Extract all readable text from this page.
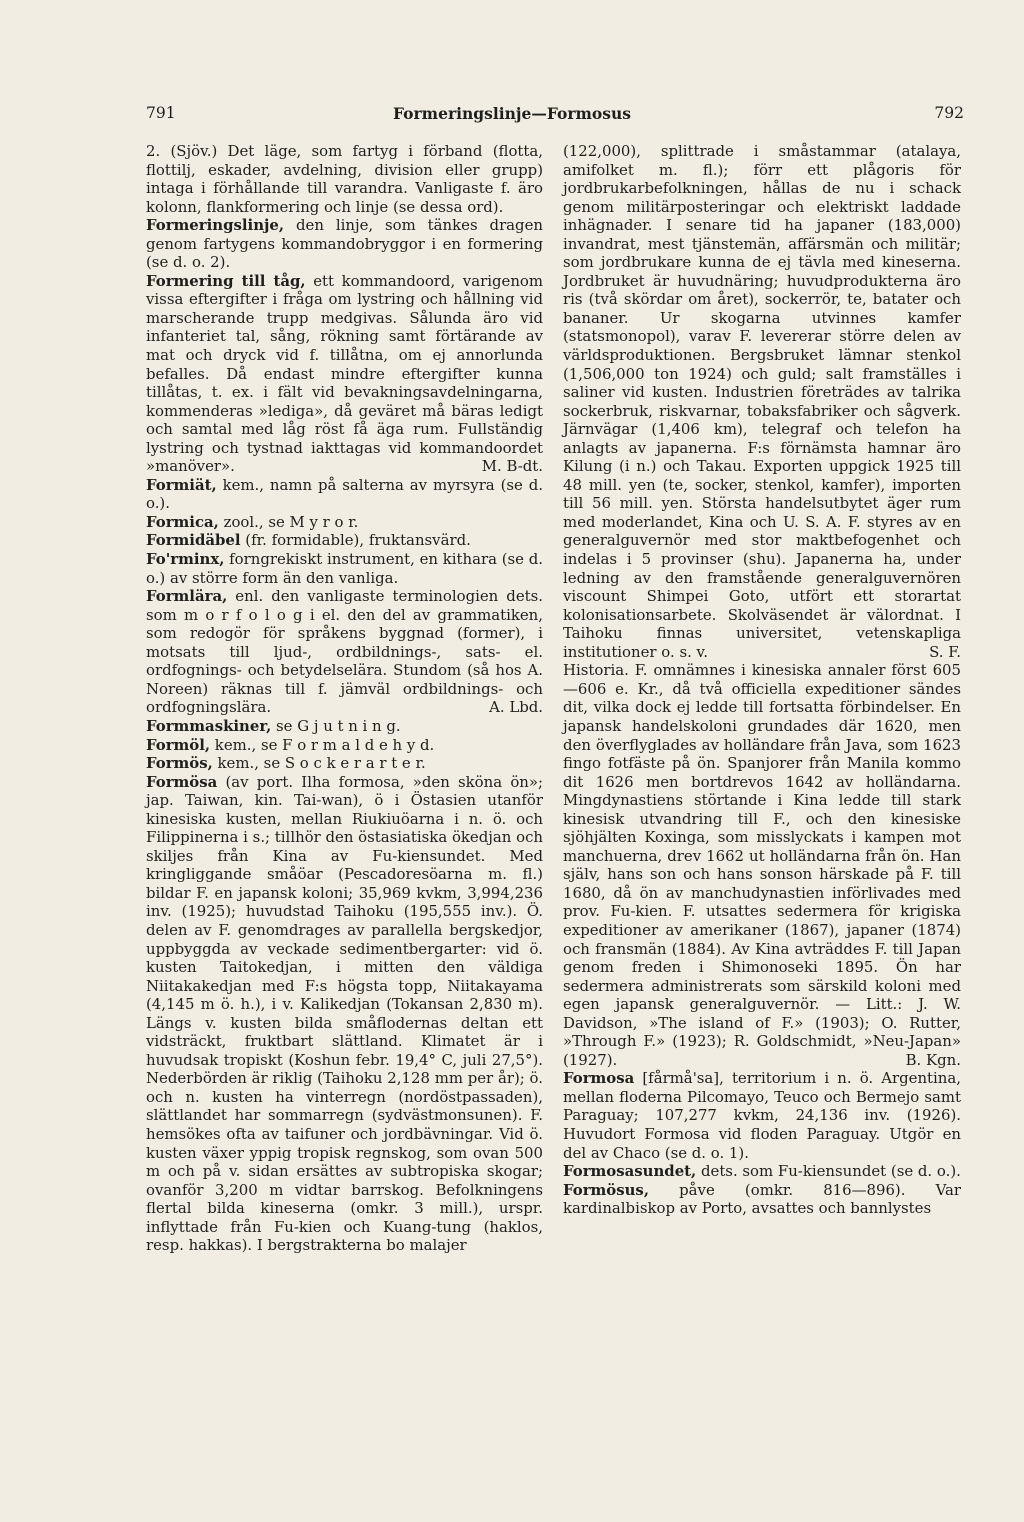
791	Formeringslinje—Formosus	792

2. (Sjöv.) Det läge, som fartyg i förband (flotta, flottilj, eskader, avdelning, division eller grupp) intaga i förhållande till varandra. Vanligaste f. äro kolonn, flankformering och linje (se dessa ord).

Formeringslinje, den linje, som tänkes dragen genom fartygens kommandobryggor i en formering (se d. o. 2).

Formering till tåg, ett kommandoord, varigenom vissa eftergifter i fråga om lystring och hållning vid marscherande trupp medgivas. Sålunda äro vid infanteriet tal, sång, rökning samt förtärande av mat och dryck vid f. tillåtna, om ej annorlunda befalles. Då endast mindre eftergifter kunna tillåtas, t. ex. i fält vid bevakningsavdelningarna, kommenderas »lediga», då geväret må bäras ledigt och samtal med låg röst få äga rum. Fullständig lystring och tystnad iakttagas vid kommandoordet »manöver».	M. B-dt.

Formiät, kem., namn på salterna av myrsyra (se d. o.).

Formica, zool., se M y r o r.

Formidäbel (fr. formidable), fruktansvärd.

Fo'rminx, forngrekiskt instrument, en kithara (se d. o.) av större form än den vanliga.

Formlära, enl. den vanligaste terminologien dets. som m o r f o l o g i el. den del av grammatiken, som redogör för språkens byggnad (former), i motsats till ljud-, ordbildnings-, sats- el. ordfognings- och betydelselära. Stundom (så hos A. Noreen) räknas till f. jämväl ordbildnings- och ordfogningslära.	A. Lbd.

Formmaskiner, se G j u t n i n g.

Formöl, kem., se F o r m a l d e h y d.

Formös, kem., se S o c k e r a r t e r.

Formösa (av port. Ilha formosa, »den sköna ön»; jap. Taiwan, kin. Tai-wan), ö i Östasien utanför kinesiska kusten, mellan Riukiuöarna i n. ö. och Filippinerna i s.; tillhör den östasiatiska ökedjan och skiljes från Kina av Fu-kiensundet. Med kringliggande småöar (Pescadoresöarna m. fl.) bildar F. en japansk koloni; 35,969 kvkm, 3,994,236 inv. (1925); huvudstad Taihoku (195,555 inv.). Ö. delen av F. genomdrages av parallella bergskedjor, uppbyggda av veckade sedimentbergarter: vid ö. kusten Taitokedjan, i mitten den väldiga Niitakakedjan med F:s högsta topp, Niitakayama (4,145 m ö. h.), i v. Kalikedjan (Tokansan 2,830 m). Längs v. kusten bilda småflodernas deltan ett vidsträckt, fruktbart slättland. Klimatet är i huvudsak tropiskt (Koshun febr. 19,4° C, juli 27,5°). Nederbörden är riklig (Taihoku 2,128 mm per år); ö. och n. kusten ha vinterregn (nordöstpassaden), slättlandet har sommarregn (sydvästmonsunen). F. hemsökes ofta av taifuner och jordbävningar. Vid ö. kusten växer yppig tropisk regnskog, som ovan 500 m och på v. sidan ersättes av subtropiska skogar; ovanför 3,200 m vidtar barrskog. Befolkningens flertal bilda kineserna (omkr. 3 mill.), urspr. inflyttade från Fu-kien och Kuang-tung (haklos, resp. hakkas). I bergstrakterna bo malajer

(122,000), splittrade i småstammar (atalaya, amifolket m. fl.); förr ett plågoris för jordbrukarbefolkningen, hållas de nu i schack genom militärposteringar och elektriskt laddade inhägnader. I senare tid ha japaner (183,000) invandrat, mest tjänstemän, affärsmän och militär; som jordbrukare kunna de ej tävla med kineserna. Jordbruket är huvudnäring; huvudprodukterna äro ris (två skördar om året), sockerrör, te, batater och bananer. Ur skogarna utvinnes kamfer (statsmonopol), varav F. levererar större delen av världsproduktionen. Bergsbruket lämnar stenkol (1,506,000 ton 1924) och guld; salt framställes i saliner vid kusten. Industrien företrädes av talrika sockerbruk, riskvarnar, tobaksfabriker och sågverk. Järnvägar (1,406 km), telegraf och telefon ha anlagts av japanerna. F:s förnämsta hamnar äro Kilung (i n.) och Takau. Exporten uppgick 1925 till 48 mill. yen (te, socker, stenkol, kamfer), importen till 56 mill. yen. Största handelsutbytet äger rum med moderlandet, Kina och U. S. A. F. styres av en generalguvernör med stor maktbefogenhet och indelas i 5 provinser (shu). Japanerna ha, under ledning av den framstående generalguvernören viscount Shimpei Goto, utfört ett storartat kolonisationsarbete. Skolväsendet är välordnat. I Taihoku finnas universitet, vetenskapliga institutioner o. s. v.	S. F.

Historia. F. omnämnes i kinesiska annaler först 605—606 e. Kr., då två officiella expeditioner sändes dit, vilka dock ej ledde till fortsatta förbindelser. En japansk handelskoloni grundades där 1620, men den överflyglades av holländare från Java, som 1623 fingo fotfäste på ön. Spanjorer från Manila kommo dit 1626 men bortdrevos 1642 av holländarna. Mingdynastiens störtande i Kina ledde till stark kinesisk utvandring till F., och den kinesiske sjöhjälten Koxinga, som misslyckats i kampen mot manchuerna, drev 1662 ut holländarna från ön. Han själv, hans son och hans sonson härskade på F. till 1680, då ön av manchudynastien införlivades med prov. Fu-kien. F. utsattes sedermera för krigiska expeditioner av amerikaner (1867), japaner (1874) och fransmän (1884). Av Kina avträddes F. till Japan genom freden i Shimonoseki 1895. Ön har sedermera administrerats som särskild koloni med egen japansk generalguvernör. — Litt.: J. W. Davidson, »The island of F.» (1903); O. Rutter, »Through F.» (1923); R. Goldschmidt, »Neu-Japan» (1927).	B. Kgn.

Formosa [fårmå'sa], territorium i n. ö. Argentina, mellan floderna Pilcomayo, Teuco och Bermejo samt Paraguay; 107,277 kvkm, 24,136 inv. (1926). Huvudort Formosa vid floden Paraguay. Utgör en del av Chaco (se d. o. 1).

Formosasundet, dets. som Fu-kiensundet (se d. o.).

Formösus, påve (omkr. 816—896). Var kardinalbiskop av Porto, avsattes och bannlystes
